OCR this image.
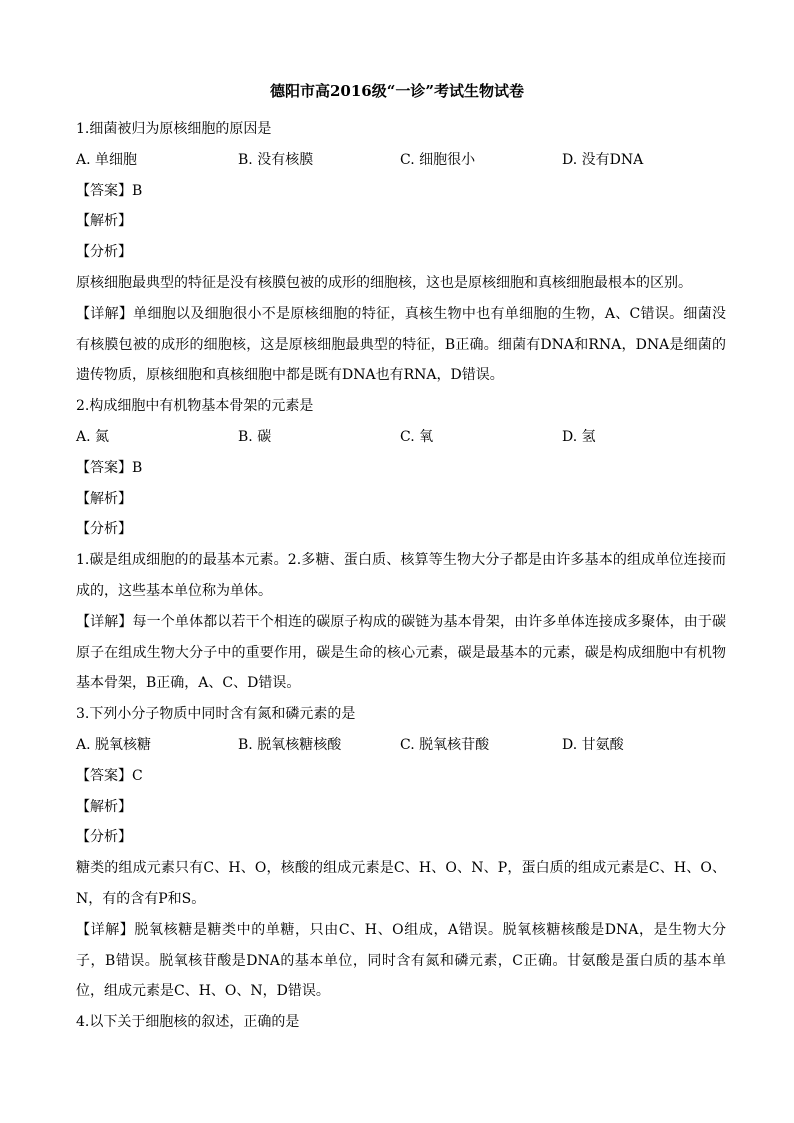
德阳市高2016级“一诊”考试生物试卷
1.细菌被归为原核细胞的原因是
A. 单细胞	B. 没有核膜	C. 细胞很小	D. 没有DNA
【答案】B
【解析】
【分析】
原核细胞最典型的特征是没有核膜包被的成形的细胞核，这也是原核细胞和真核细胞最根本的区别。
【详解】单细胞以及细胞很小不是原核细胞的特征，真核生物中也有单细胞的生物，A、C错误。细菌没有核膜包被的成形的细胞核，这是原核细胞最典型的特征，B正确。细菌有DNA和RNA，DNA是细菌的遗传物质，原核细胞和真核细胞中都是既有DNA也有RNA，D错误。
2.构成细胞中有机物基本骨架的元素是
A. 氮	B. 碳	C. 氧	D. 氢
【答案】B
【解析】
【分析】
1.碳是组成细胞的的最基本元素。2.多糖、蛋白质、核算等生物大分子都是由许多基本的组成单位连接而成的，这些基本单位称为单体。
【详解】每一个单体都以若干个相连的碳原子构成的碳链为基本骨架，由许多单体连接成多聚体，由于碳原子在组成生物大分子中的重要作用，碳是生命的核心元素，碳是最基本的元素，碳是构成细胞中有机物基本骨架，B正确，A、C、D错误。
3.下列小分子物质中同时含有氮和磷元素的是
A. 脱氧核糖	B. 脱氧核糖核酸	C. 脱氧核苷酸	D. 甘氨酸
【答案】C
【解析】
【分析】
糖类的组成元素只有C、H、O，核酸的组成元素是C、H、O、N、P，蛋白质的组成元素是C、H、O、N，有的含有P和S。
【详解】脱氧核糖是糖类中的单糖，只由C、H、O组成，A错误。脱氧核糖核酸是DNA，是生物大分子，B错误。脱氧核苷酸是DNA的基本单位，同时含有氮和磷元素，C正确。甘氨酸是蛋白质的基本单位，组成元素是C、H、O、N，D错误。
4.以下关于细胞核的叙述，正确的是
